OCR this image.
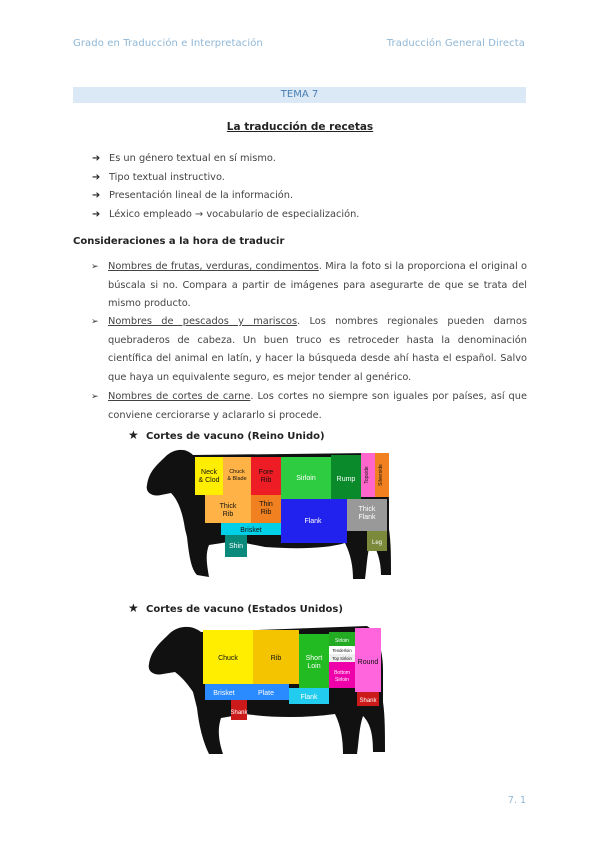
Grado en Traducción e Interpretación	Traducción General Directa
TEMA 7
La traducción de recetas
➔ Es un género textual en sí mismo.
➔ Tipo textual instructivo.
➔ Presentación lineal de la información.
➔ Léxico empleado → vocabulario de especialización.
Consideraciones a la hora de traducir
➢ Nombres de frutas, verduras, condimentos. Mira la foto si la proporciona el original o búscala si no. Compara a partir de imágenes para asegurarte de que se trata del mismo producto.

➢ Nombres de pescados y mariscos. Los nombres regionales pueden darnos quebraderos de cabeza. Un buen truco es retroceder hasta la denominación científica del animal en latín, y hacer la búsqueda desde ahí hasta el español. Salvo que haya un equivalente seguro, es mejor tender al genérico.

➢ Nombres de cortes de carne. Los cortes no siempre son iguales por países, así que conviene cerciorarse y aclararlo si procede.

★ Cortes de vacuno (Reino Unido)
Neck
& Clod
Chuck
& Blade
Fore
Rib	Sirloin	Rump Topside Silverside
Thick
Rib
Thin
Rib
Brisket
Flank
Thick
Flank
Shin	Leg
★ Cortes de vacuno (Estados Unidos)
Chuck	Rib	Short
Loin
Sirloin
Tenderloin
Top Sirloin
Bottom
Sirloin
Round
Brisket	Plate
Flank
Shank
Shank
7. 1
